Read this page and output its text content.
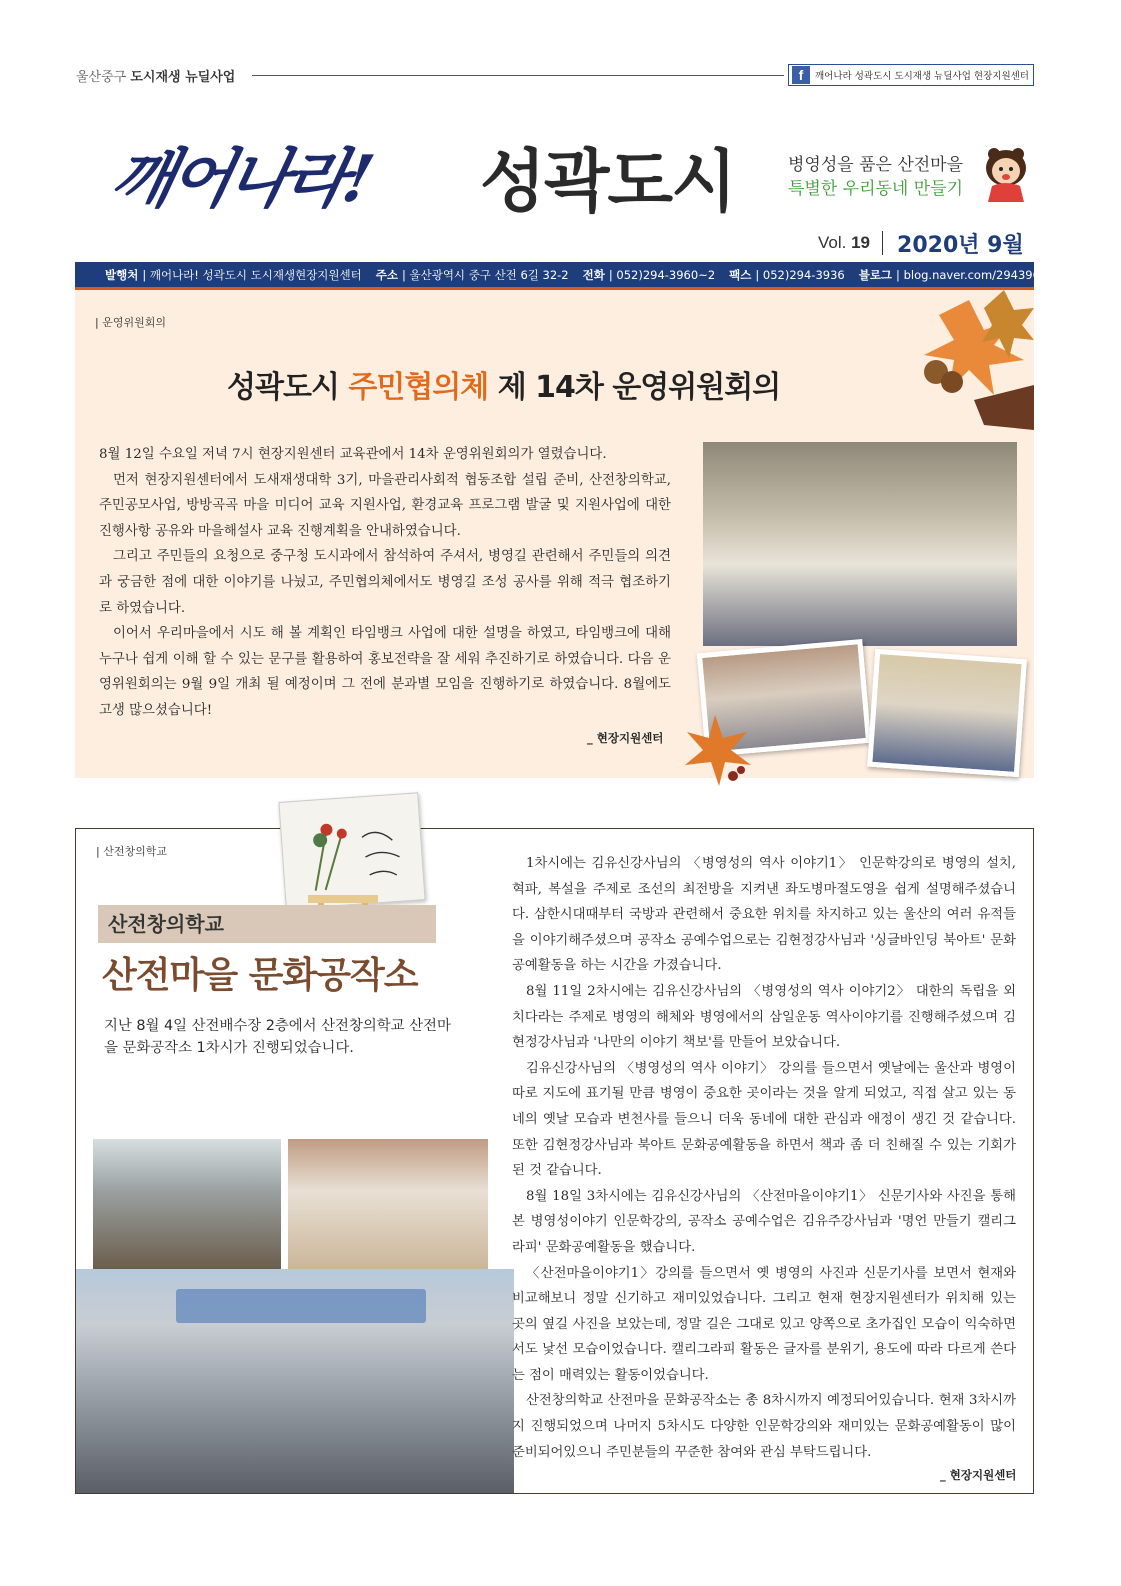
울산중구 도시재생 뉴딜사업	f	깨어나라 성곽도시 도시재생 뉴딜사업 현장지원센터
깨어나라! 성곽도시	병영성을 품은 산전마을
특별한 우리동네 만들기
Vol. 19 2020년 9월
발행처 | 깨어나라! 성곽도시 도시재생현장지원센터 주소 | 울산광역시 중구 산전 6길 32-2 전화 | 052)294-3960~2 팩스 | 052)294-3936 블로그 | blog.naver.com/2943960
| 운영위원회의
성곽도시 주민협의체 제 14차 운영위원회의

8월 12일 수요일 저녁 7시 현장지원센터 교육관에서 14차 운영위원회의가 열렸습니다.

먼저 현장지원센터에서 도새재생대학 3기, 마을관리사회적 협동조합 설립 준비, 산전창의학교, 주민공모사업, 방방곡곡 마을 미디어 교육 지원사업, 환경교육 프로그램 발굴 및 지원사업에 대한 진행사항 공유와 마을해설사 교육 진행계획을 안내하였습니다.

그리고 주민들의 요청으로 중구청 도시과에서 참석하여 주셔서, 병영길 관련해서 주민들의 의견과 궁금한 점에 대한 이야기를 나눴고, 주민협의체에서도 병영길 조성 공사를 위해 적극 협조하기로 하였습니다.

이어서 우리마을에서 시도 해 볼 계획인 타임뱅크 사업에 대한 설명을 하였고, 타임뱅크에 대해 누구나 쉽게 이해 할 수 있는 문구를 활용하여 홍보전략을 잘 세워 추진하기로 하였습니다. 다음 운영위원회의는 9월 9일 개최 될 예정이며 그 전에 분과별 모임을 진행하기로 하였습니다. 8월에도 고생 많으셨습니다!

_ 현장지원센터
| 산전창의학교
산전창의학교
산전마을 문화공작소
지난 8월 4일 산전배수장 2층에서 산전창의학교 산전마을 문화공작소 1차시가 진행되었습니다.

1차시에는 김유신강사님의 〈병영성의 역사 이야기1〉 인문학강의로 병영의 설치, 혁파, 복설을 주제로 조선의 최전방을 지켜낸 좌도병마절도영을 쉽게 설명해주셨습니다. 삼한시대때부터 국방과 관련해서 중요한 위치를 차지하고 있는 울산의 여러 유적들을 이야기해주셨으며 공작소 공예수업으로는 김현정강사님과 '싱글바인딩 북아트' 문화공예활동을 하는 시간을 가졌습니다.

8월 11일 2차시에는 김유신강사님의 〈병영성의 역사 이야기2〉 대한의 독립을 외치다라는 주제로 병영의 해체와 병영에서의 삼일운동 역사이야기를 진행해주셨으며 김현정강사님과 '나만의 이야기 책보'를 만들어 보았습니다.

김유신강사님의 〈병영성의 역사 이야기〉 강의를 들으면서 옛날에는 울산과 병영이 따로 지도에 표기될 만큼 병영이 중요한 곳이라는 것을 알게 되었고, 직접 살고 있는 동네의 옛날 모습과 변천사를 들으니 더욱 동네에 대한 관심과 애정이 생긴 것 같습니다. 또한 김현정강사님과 북아트 문화공예활동을 하면서 책과 좀 더 친해질 수 있는 기회가 된 것 같습니다.

8월 18일 3차시에는 김유신강사님의 〈산전마을이야기1〉 신문기사와 사진을 통해 본 병영성이야기 인문학강의, 공작소 공예수업은 김유주강사님과 '명언 만들기 캘리그라피' 문화공예활동을 했습니다.

〈산전마을이야기1〉강의를 들으면서 옛 병영의 사진과 신문기사를 보면서 현재와 비교해보니 정말 신기하고 재미있었습니다. 그리고 현재 현장지원센터가 위치해 있는 곳의 옆길 사진을 보았는데, 정말 길은 그대로 있고 양쪽으로 초가집인 모습이 익숙하면서도 낯선 모습이었습니다. 캘리그라피 활동은 글자를 분위기, 용도에 따라 다르게 쓴다는 점이 매력있는 활동이었습니다.

산전창의학교 산전마을 문화공작소는 총 8차시까지 예정되어있습니다. 현재 3차시까지 진행되었으며 나머지 5차시도 다양한 인문학강의와 재미있는 문화공예활동이 많이 준비되어있으니 주민분들의 꾸준한 참여와 관심 부탁드립니다.

_ 현장지원센터
